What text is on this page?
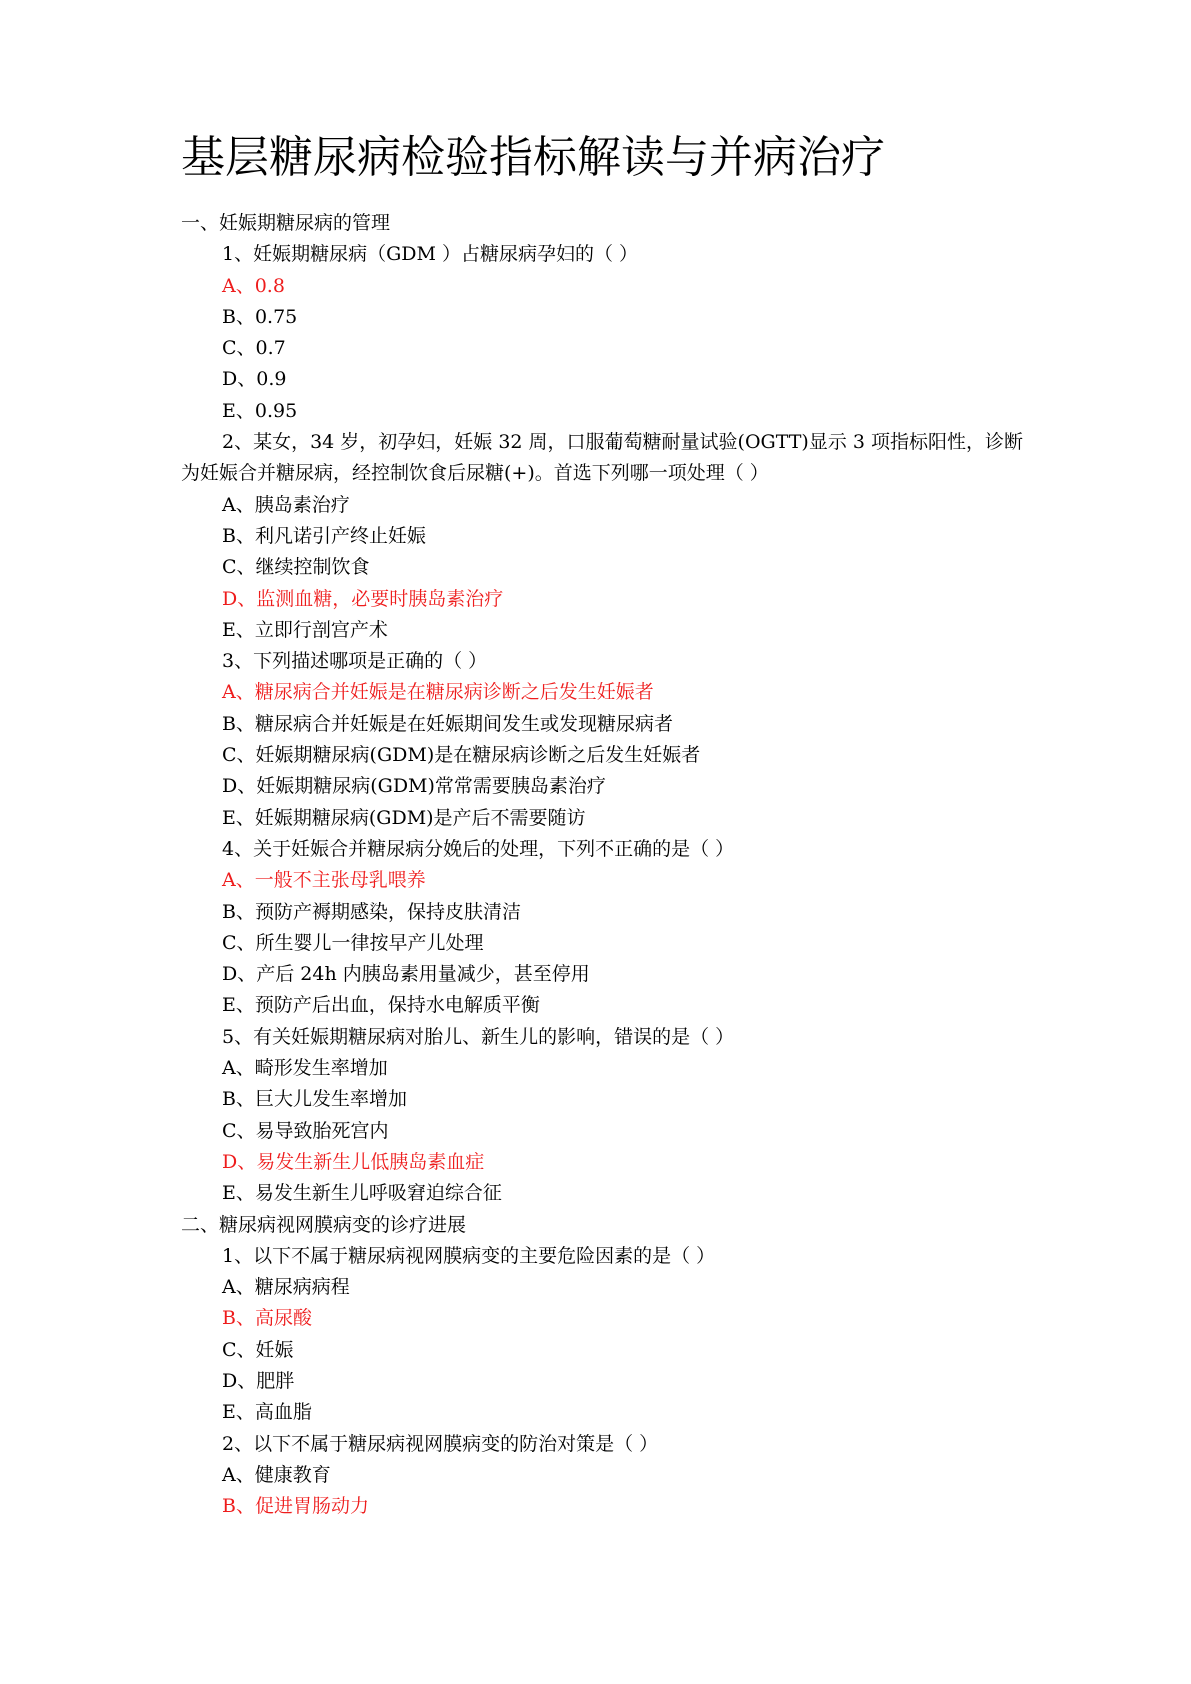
基层糖尿病检验指标解读与并病治疗
一、妊娠期糖尿病的管理
1、妊娠期糖尿病（GDM ）占糖尿病孕妇的（ ）
A、0.8
B、0.75
C、0.7
D、0.9
E、0.95
2、某女，34 岁，初孕妇，妊娠 32 周，口服葡萄糖耐量试验(OGTT)显示 3 项指标阳性，诊断为妊娠合并糖尿病，经控制饮食后尿糖(+)。首选下列哪一项处理（ ）
A、胰岛素治疗
B、利凡诺引产终止妊娠
C、继续控制饮食
D、监测血糖，必要时胰岛素治疗
E、立即行剖宫产术
3、下列描述哪项是正确的（ ）
A、糖尿病合并妊娠是在糖尿病诊断之后发生妊娠者
B、糖尿病合并妊娠是在妊娠期间发生或发现糖尿病者
C、妊娠期糖尿病(GDM)是在糖尿病诊断之后发生妊娠者
D、妊娠期糖尿病(GDM)常常需要胰岛素治疗
E、妊娠期糖尿病(GDM)是产后不需要随访
4、关于妊娠合并糖尿病分娩后的处理，下列不正确的是（ ）
A、一般不主张母乳喂养
B、预防产褥期感染，保持皮肤清洁
C、所生婴儿一律按早产儿处理
D、产后 24h 内胰岛素用量减少，甚至停用
E、预防产后出血，保持水电解质平衡
5、有关妊娠期糖尿病对胎儿、新生儿的影响，错误的是（ ）
A、畸形发生率增加
B、巨大儿发生率增加
C、易导致胎死宫内
D、易发生新生儿低胰岛素血症
E、易发生新生儿呼吸窘迫综合征
二、糖尿病视网膜病变的诊疗进展
1、以下不属于糖尿病视网膜病变的主要危险因素的是（ ）
A、糖尿病病程
B、高尿酸
C、妊娠
D、肥胖
E、高血脂
2、以下不属于糖尿病视网膜病变的防治对策是（ ）
A、健康教育
B、促进胃肠动力
